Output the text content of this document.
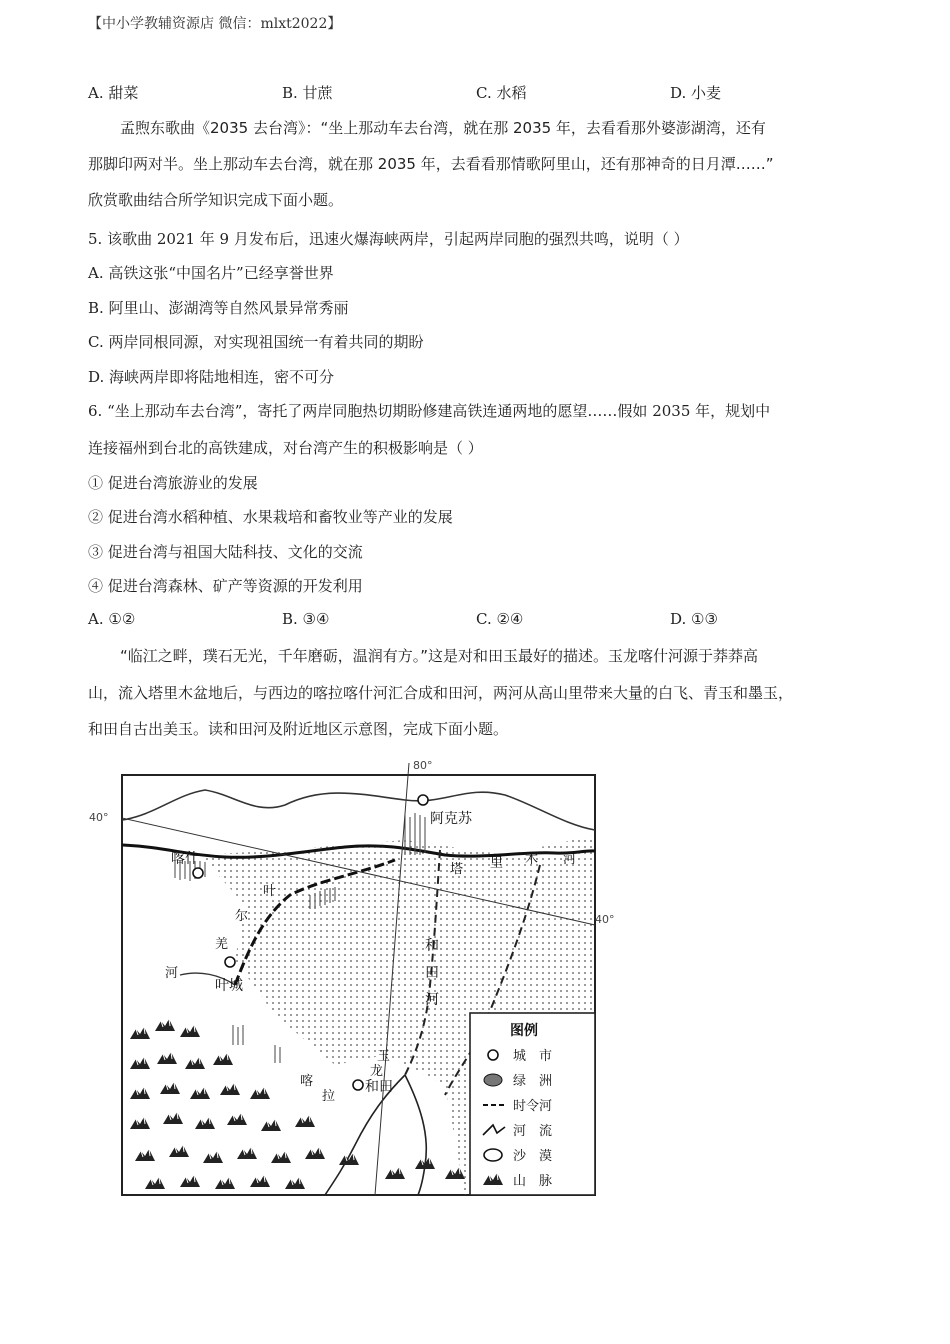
【中小学教辅资源店 微信：mlxt2022】
A. 甜菜	B. 甘蔗	C. 水稻	D. 小麦
孟煦东歌曲《2035 去台湾》：“坐上那动车去台湾，就在那 2035 年，去看看那外婆澎湖湾，还有
那脚印两对半。坐上那动车去台湾，就在那 2035 年，去看看那情歌阿里山，还有那神奇的日月潭……”
欣赏歌曲结合所学知识完成下面小题。
5. 该歌曲 2021 年 9 月发布后，迅速火爆海峡两岸，引起两岸同胞的强烈共鸣，说明（ ）
A. 高铁这张“中国名片”已经享誉世界
B. 阿里山、澎湖湾等自然风景异常秀丽
C. 两岸同根同源，对实现祖国统一有着共同的期盼
D. 海峡两岸即将陆地相连，密不可分
6. “坐上那动车去台湾”，寄托了两岸同胞热切期盼修建高铁连通两地的愿望……假如 2035 年，规划中
连接福州到台北的高铁建成，对台湾产生的积极影响是（ ）
① 促进台湾旅游业的发展
② 促进台湾水稻种植、水果栽培和畜牧业等产业的发展
③ 促进台湾与祖国大陆科技、文化的交流
④ 促进台湾森林、矿产等资源的开发利用
A. ①②	B. ③④	C. ②④	D. ①③
“临江之畔，璞石无光，千年磨砺，温润有方。”这是对和田玉最好的描述。玉龙喀什河源于莽莽高
山，流入塔里木盆地后，与西边的喀拉喀什河汇合成和田河，两河从高山里带来大量的白飞、青玉和墨玉，
和田自古出美玉。读和田河及附近地区示意图，完成下面小题。
80°
40°
40°
阿克苏
喀什
叶城
和田
塔 里 木 河
和
田
河
叶
尔
羌
河
玉
龙
喀
拉
图例
城　市
绿　洲
时令河
河　流
沙　漠
山　脉
